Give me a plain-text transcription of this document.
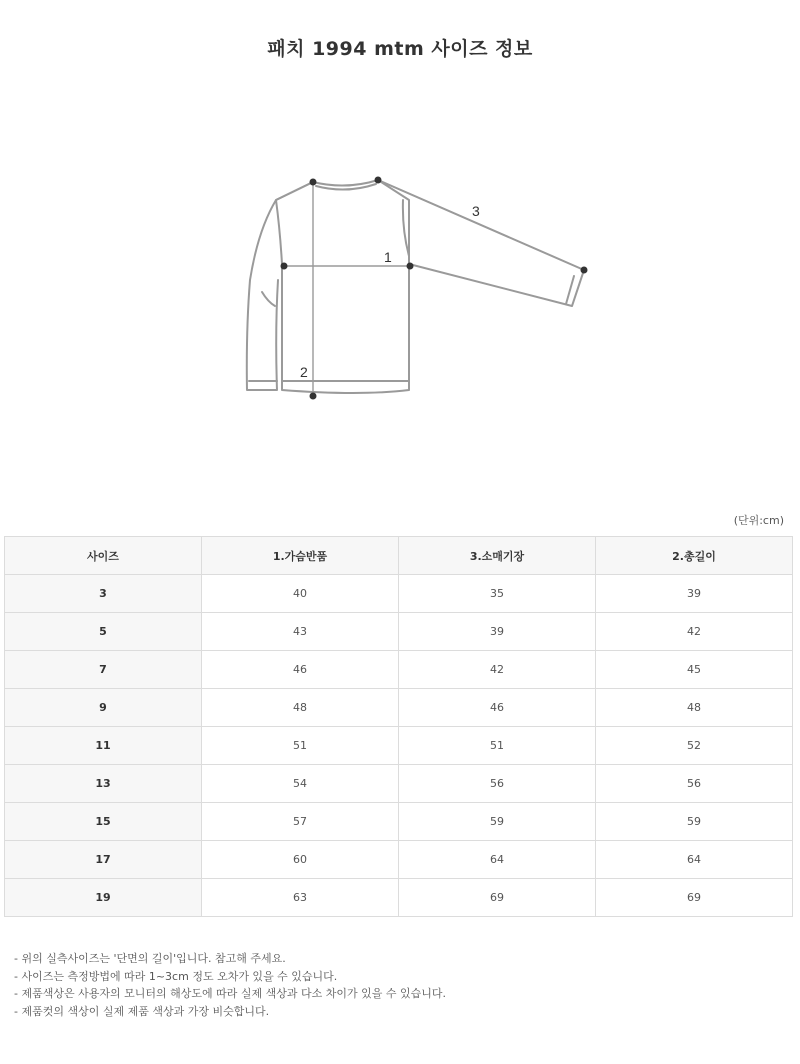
패치 1994 mtm 사이즈 정보
1
2
3
(단위:cm)
사이즈	1.가슴반품	3.소매기장	2.총길이
3	40	35	39
5	43	39	42
7	46	42	45
9	48	46	48
11	51	51	52
13	54	56	56
15	57	59	59
17	60	64	64
19	63	69	69
- 위의 실측사이즈는 '단면의 길이'입니다. 참고해 주세요.
- 사이즈는 측정방법에 따라 1~3cm 정도 오차가 있을 수 있습니다.
- 제품색상은 사용자의 모니터의 해상도에 따라 실제 색상과 다소 차이가 있을 수 있습니다.
- 제품컷의 색상이 실제 제품 색상과 가장 비슷합니다.
